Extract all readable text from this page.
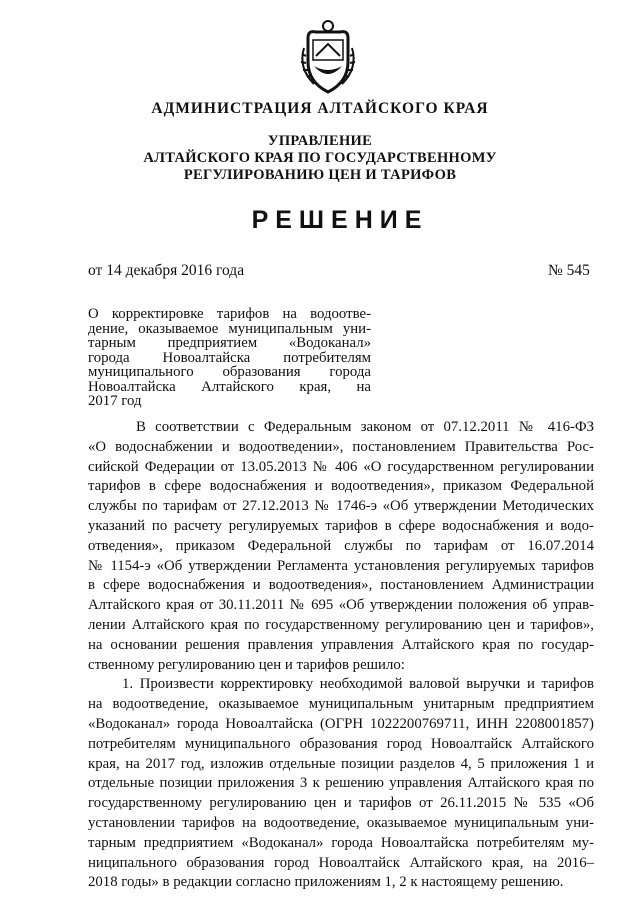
АДМИНИСТРАЦИЯ АЛТАЙСКОГО КРАЯ
УПРАВЛЕНИЕ
АЛТАЙСКОГО КРАЯ ПО ГОСУДАРСТВЕННОМУ
РЕГУЛИРОВАНИЮ ЦЕН И ТАРИФОВ
РЕШЕНИЕ
от 14 декабря 2016 года	№ 545
О корректировке тарифов на водоотве-
дение, оказываемое муниципальным уни-
тарным предприятием «Водоканал»
города Новоалтайска потребителям
муниципального образования города
Новоалтайска Алтайского края, на
2017 год
В соответствии с Федеральным законом от 07.12.2011 № 416-ФЗ
«О водоснабжении и водоотведении», постановлением Правительства Рос-
сийской Федерации от 13.05.2013 № 406 «О государственном регулировании
тарифов в сфере водоснабжения и водоотведения», приказом Федеральной
службы по тарифам от 27.12.2013 № 1746-э «Об утверждении Методических
указаний по расчету регулируемых тарифов в сфере водоснабжения и водо-
отведения», приказом Федеральной службы по тарифам от 16.07.2014
№ 1154-э «Об утверждении Регламента установления регулируемых тарифов
в сфере водоснабжения и водоотведения», постановлением Администрации
Алтайского края от 30.11.2011 № 695 «Об утверждении положения об управ-
лении Алтайского края по государственному регулированию цен и тарифов»,
на основании решения правления управления Алтайского края по государ-
ственному регулированию цен и тарифов решило:
1. Произвести корректировку необходимой валовой выручки и тарифов
на водоотведение, оказываемое муниципальным унитарным предприятием
«Водоканал» города Новоалтайска (ОГРН 1022200769711, ИНН 2208001857)
потребителям муниципального образования город Новоалтайск Алтайского
края, на 2017 год, изложив отдельные позиции разделов 4, 5 приложения 1 и
отдельные позиции приложения 3 к решению управления Алтайского края по
государственному регулированию цен и тарифов от 26.11.2015 № 535 «Об
установлении тарифов на водоотведение, оказываемое муниципальным уни-
тарным предприятием «Водоканал» города Новоалтайска потребителям му-
ниципального образования город Новоалтайск Алтайского края, на 2016–
2018 годы» в редакции согласно приложениям 1, 2 к настоящему решению.
